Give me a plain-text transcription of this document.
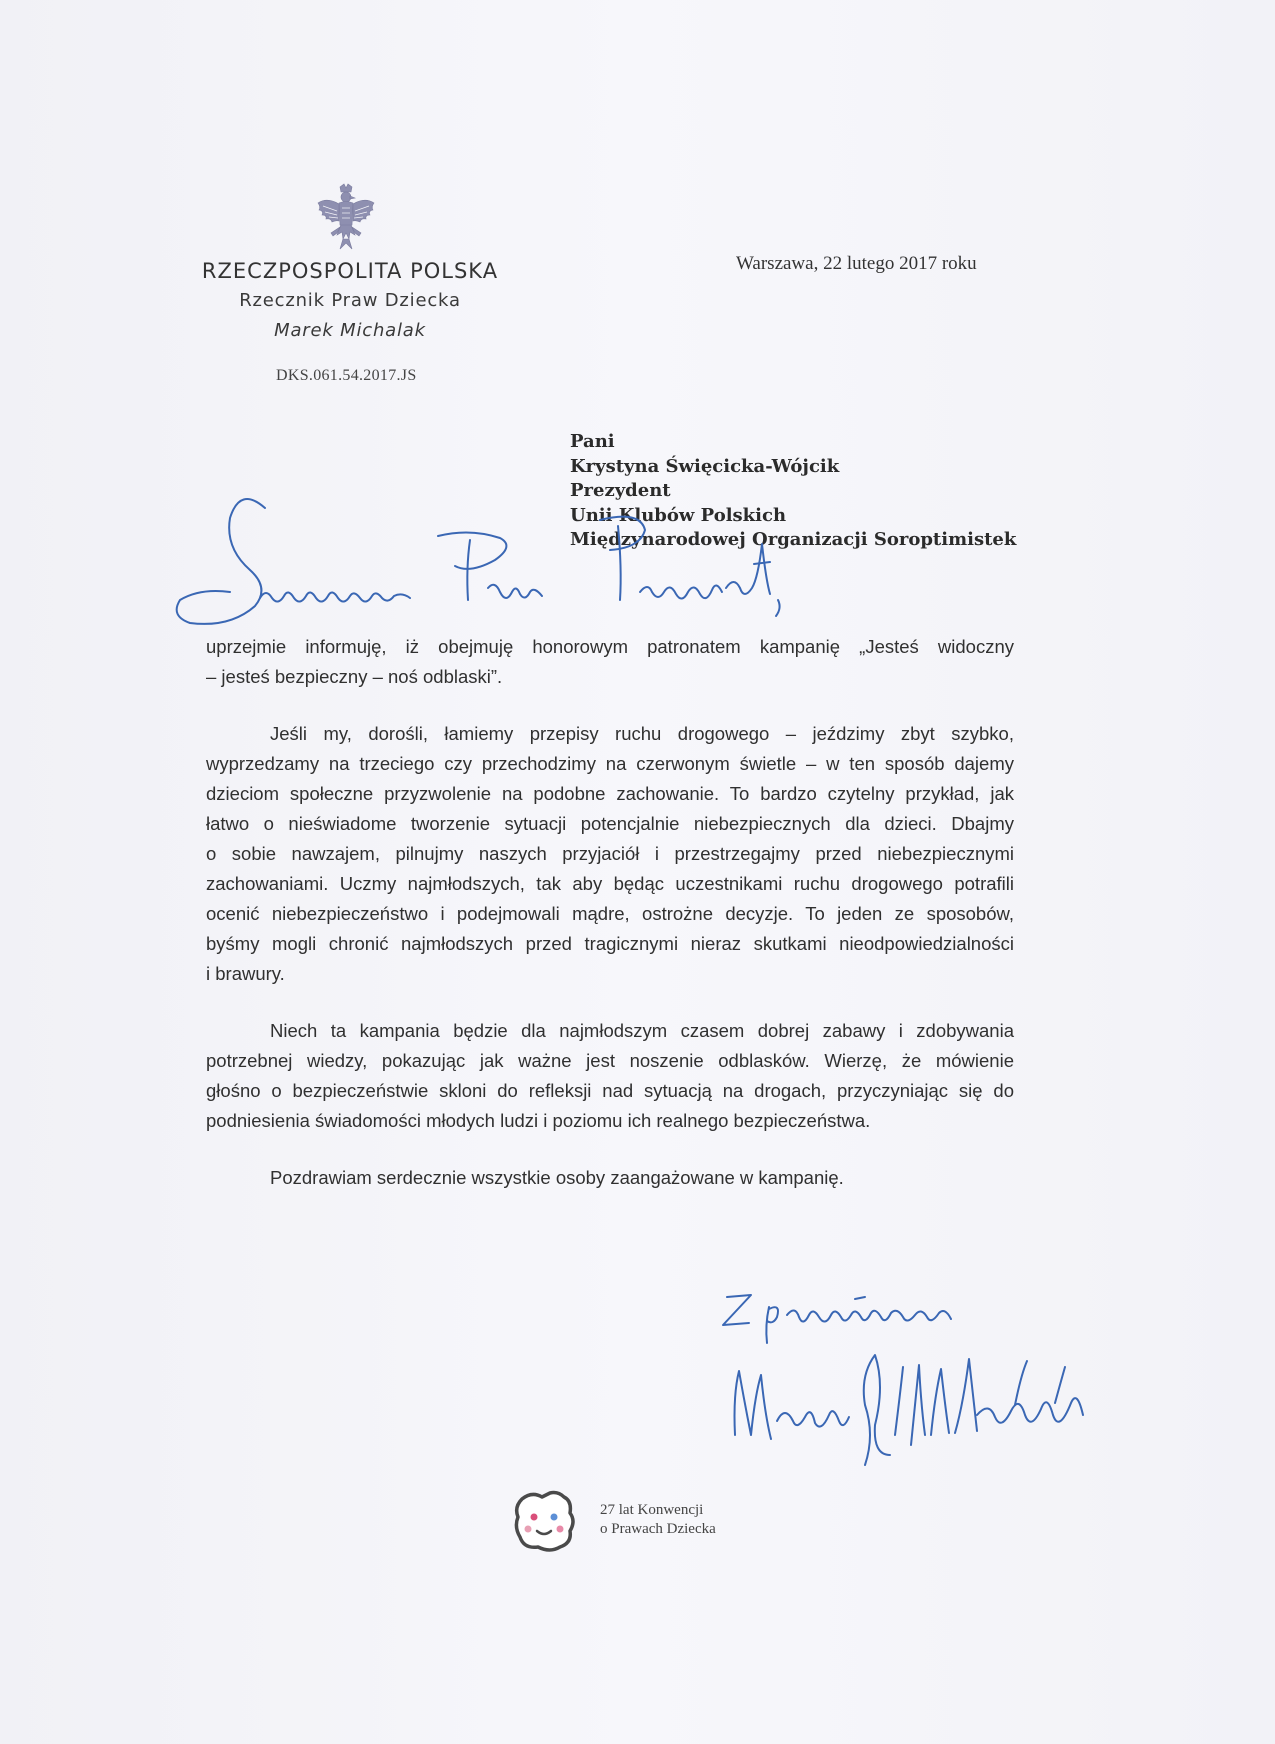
RZECZPOSPOLITA POLSKA
Rzecznik Praw Dziecka
Marek Michalak
DKS.061.54.2017.JS
Warszawa, 22 lutego 2017 roku
Pani
Krystyna Święcicka-Wójcik
Prezydent
Unii Klubów Polskich
Międzynarodowej Organizacji Soroptimistek
uprzejmie informuję, iż obejmuję honorowym patronatem kampanię „Jesteś widoczny
– jesteś bezpieczny – noś odblaski”.
Jeśli my, dorośli, łamiemy przepisy ruchu drogowego – jeździmy zbyt szybko,
wyprzedzamy na trzeciego czy przechodzimy na czerwonym świetle – w ten sposób dajemy
dzieciom społeczne przyzwolenie na podobne zachowanie. To bardzo czytelny przykład, jak
łatwo o nieświadome tworzenie sytuacji potencjalnie niebezpiecznych dla dzieci. Dbajmy
o sobie nawzajem, pilnujmy naszych przyjaciół i przestrzegajmy przed niebezpiecznymi
zachowaniami. Uczmy najmłodszych, tak aby będąc uczestnikami ruchu drogowego potrafili
ocenić niebezpieczeństwo i podejmowali mądre, ostrożne decyzje. To jeden ze sposobów,
byśmy mogli chronić najmłodszych przed tragicznymi nieraz skutkami nieodpowiedzialności
i brawury.
Niech ta kampania będzie dla najmłodszym czasem dobrej zabawy i zdobywania
potrzebnej wiedzy, pokazując jak ważne jest noszenie odblasków. Wierzę, że mówienie
głośno o bezpieczeństwie skloni do refleksji nad sytuacją na drogach, przyczyniając się do
podniesienia świadomości młodych ludzi i poziomu ich realnego bezpieczeństwa.
Pozdrawiam serdecznie wszystkie osoby zaangażowane w kampanię.
27 lat Konwencji
o Prawach Dziecka
